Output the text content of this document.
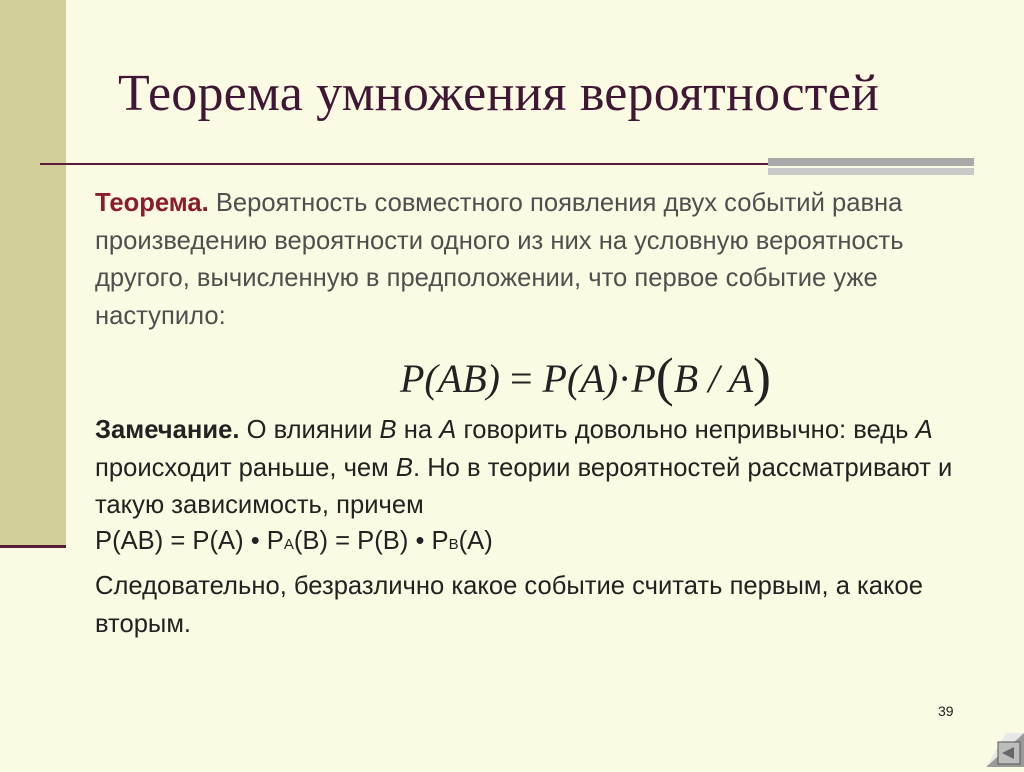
Теорема умножения вероятностей
Теорема. Вероятность совместного появления двух событий равна произведению вероятности одного из них на условную вероятность другого, вычисленную в предположении, что первое событие уже наступило:
P(AB) = P(A)·P(B / A)
Замечание. О влиянии В на А говорить довольно непривычно: ведь А происходит раньше, чем В. Но в теории вероятностей рассматривают и такую зависимость, причем
P(AB) = P(A) • PA(B) = P(B) • PB(A)
Следовательно, безразлично какое событие считать первым, а какое вторым.
39
